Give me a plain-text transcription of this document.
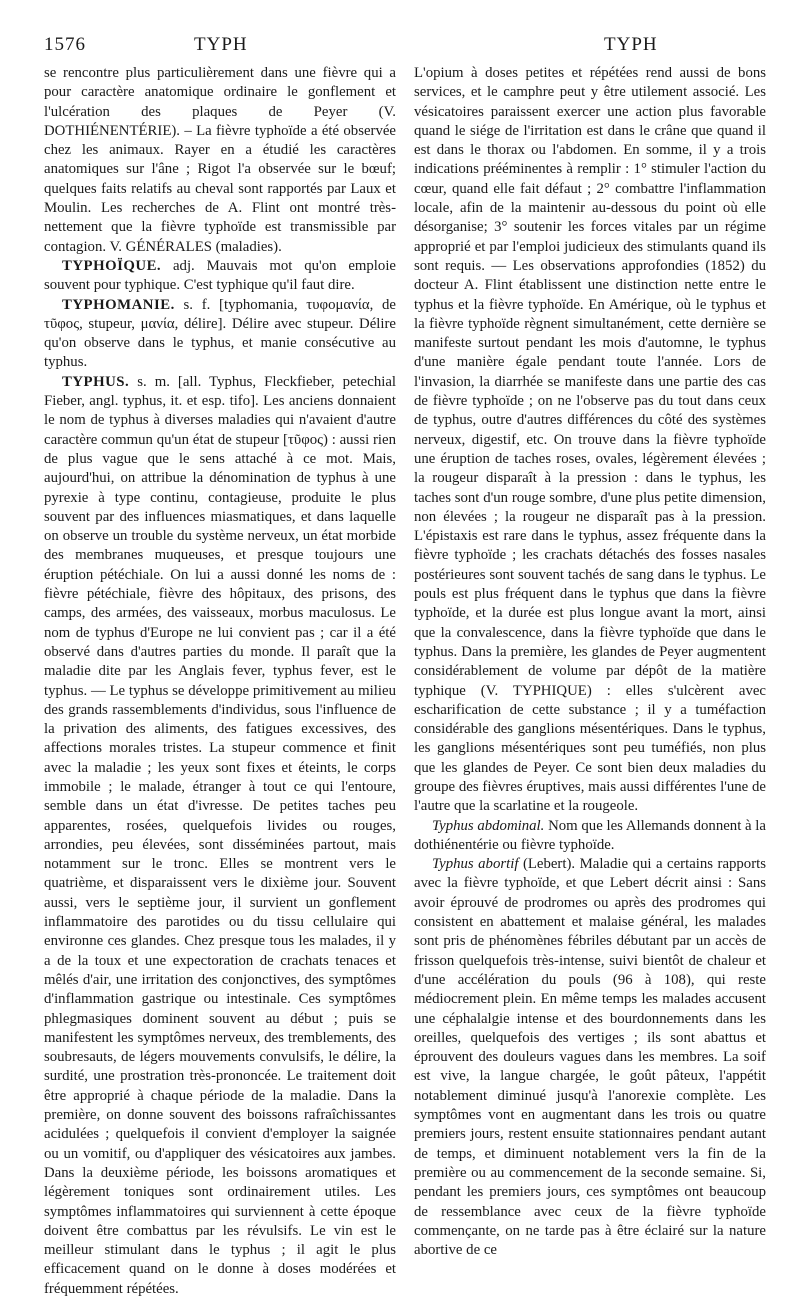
1576	TYPH	TYPH

se rencontre plus particulièrement dans une fièvre qui a pour caractère anatomique ordinaire le gonflement et l'ulcération des plaques de Peyer (V. DOTHIÉNENTÉRIE). – La fièvre typhoïde a été observée chez les animaux. Rayer en a étudié les caractères anatomiques sur l'âne ; Rigot l'a observée sur le bœuf; quelques faits relatifs au cheval sont rapportés par Laux et Moulin. Les recherches de A. Flint ont montré très-nettement que la fièvre typhoïde est transmissible par contagion. V. GÉNÉRALES (maladies).

TYPHOÏQUE. adj. Mauvais mot qu'on emploie souvent pour typhique. C'est typhique qu'il faut dire.

TYPHOMANIE. s. f. [typhomania, τυφομανία, de τῦφος, stupeur, μανία, délire]. Délire avec stupeur. Délire qu'on observe dans le typhus, et manie consécutive au typhus.

TYPHUS. s. m. [all. Typhus, Fleckfieber, petechial Fieber, angl. typhus, it. et esp. tifo]. Les anciens donnaient le nom de typhus à diverses maladies qui n'avaient d'autre caractère commun qu'un état de stupeur [τῦφος) : aussi rien de plus vague que le sens attaché à ce mot. Mais, aujourd'hui, on attribue la dénomination de typhus à une pyrexie à type continu, contagieuse, produite le plus souvent par des influences miasmatiques, et dans laquelle on observe un trouble du système nerveux, un état morbide des membranes muqueuses, et presque toujours une éruption pétéchiale. On lui a aussi donné les noms de : fièvre pétéchiale, fièvre des hôpitaux, des prisons, des camps, des armées, des vaisseaux, morbus maculosus. Le nom de typhus d'Europe ne lui convient pas ; car il a été observé dans d'autres parties du monde. Il paraît que la maladie dite par les Anglais fever, typhus fever, est le typhus. — Le typhus se développe primitivement au milieu des grands rassemblements d'individus, sous l'influence de la privation des aliments, des fatigues excessives, des affections morales tristes. La stupeur commence et finit avec la maladie ; les yeux sont fixes et éteints, le corps immobile ; le malade, étranger à tout ce qui l'entoure, semble dans un état d'ivresse. De petites taches peu apparentes, rosées, quelquefois livides ou rouges, arrondies, peu élevées, sont disséminées partout, mais notamment sur le tronc. Elles se montrent vers le quatrième, et disparaissent vers le dixième jour. Souvent aussi, vers le septième jour, il survient un gonflement inflammatoire des parotides ou du tissu cellulaire qui environne ces glandes. Chez presque tous les malades, il y a de la toux et une expectoration de crachats tenaces et mêlés d'air, une irritation des conjonctives, des symptômes d'inflammation gastrique ou intestinale. Ces symptômes phlegmasiques dominent souvent au début ; puis se manifestent les symptômes nerveux, des tremblements, des soubresauts, de légers mouvements convulsifs, le délire, la surdité, une prostration très-prononcée. Le traitement doit être approprié à chaque période de la maladie. Dans la première, on donne souvent des boissons rafraîchissantes acidulées ; quelquefois il convient d'employer la saignée ou un vomitif, ou d'appliquer des vésicatoires aux jambes. Dans la deuxième période, les boissons aromatiques et légèrement toniques sont ordinairement utiles. Les symptômes inflammatoires qui surviennent à cette époque doivent être combattus par les révulsifs. Le vin est le meilleur stimulant dans le typhus ; il agit le plus efficacement quand on le donne à doses modérées et fréquemment répétées.

L'opium à doses petites et répétées rend aussi de bons services, et le camphre peut y être utilement associé. Les vésicatoires paraissent exercer une action plus favorable quand le siége de l'irritation est dans le crâne que quand il est dans le thorax ou l'abdomen. En somme, il y a trois indications prééminentes à remplir : 1° stimuler l'action du cœur, quand elle fait défaut ; 2° combattre l'inflammation locale, afin de la maintenir au-dessous du point où elle désorganise; 3° soutenir les forces vitales par un régime approprié et par l'emploi judicieux des stimulants quand ils sont requis. — Les observations approfondies (1852) du docteur A. Flint établissent une distinction nette entre le typhus et la fièvre typhoïde. En Amérique, où le typhus et la fièvre typhoïde règnent simultanément, cette dernière se manifeste surtout pendant les mois d'automne, le typhus d'une manière égale pendant toute l'année. Lors de l'invasion, la diarrhée se manifeste dans une partie des cas de fièvre typhoïde ; on ne l'observe pas du tout dans ceux de typhus, outre d'autres différences du côté des systèmes nerveux, digestif, etc. On trouve dans la fièvre typhoïde une éruption de taches roses, ovales, légèrement élevées ; la rougeur disparaît à la pression : dans le typhus, les taches sont d'un rouge sombre, d'une plus petite dimension, non élevées ; la rougeur ne disparaît pas à la pression. L'épistaxis est rare dans le typhus, assez fréquente dans la fièvre typhoïde ; les crachats détachés des fosses nasales postérieures sont souvent tachés de sang dans le typhus. Le pouls est plus fréquent dans le typhus que dans la fièvre typhoïde, et la durée est plus longue avant la mort, ainsi que la convalescence, dans la fièvre typhoïde que dans le typhus. Dans la première, les glandes de Peyer augmentent considérablement de volume par dépôt de la matière typhique (V. TYPHIQUE) : elles s'ulcèrent avec escharification de cette substance ; il y a tuméfaction considérable des ganglions mésentériques. Dans le typhus, les ganglions mésentériques sont peu tuméfiés, non plus que les glandes de Peyer. Ce sont bien deux maladies du groupe des fièvres éruptives, mais aussi différentes l'une de l'autre que la scarlatine et la rougeole.

Typhus abdominal. Nom que les Allemands donnent à la dothiénentérie ou fièvre typhoïde.

Typhus abortif (Lebert). Maladie qui a certains rapports avec la fièvre typhoïde, et que Lebert décrit ainsi : Sans avoir éprouvé de prodromes ou après des prodromes qui consistent en abattement et malaise général, les malades sont pris de phénomènes fébriles débutant par un accès de frisson quelquefois très-intense, suivi bientôt de chaleur et d'une accélération du pouls (96 à 108), qui reste médiocrement plein. En même temps les malades accusent une céphalalgie intense et des bourdonnements dans les oreilles, quelquefois des vertiges ; ils sont abattus et éprouvent des douleurs vagues dans les membres. La soif est vive, la langue chargée, le goût pâteux, l'appétit notablement diminué jusqu'à l'anorexie complète. Les symptômes vont en augmentant dans les trois ou quatre premiers jours, restent ensuite stationnaires pendant autant de temps, et diminuent notablement vers la fin de la première ou au commencement de la seconde semaine. Si, pendant les premiers jours, ces symptômes ont beaucoup de ressemblance avec ceux de la fièvre typhoïde commençante, on ne tarde pas à être éclairé sur la nature abortive de ce
